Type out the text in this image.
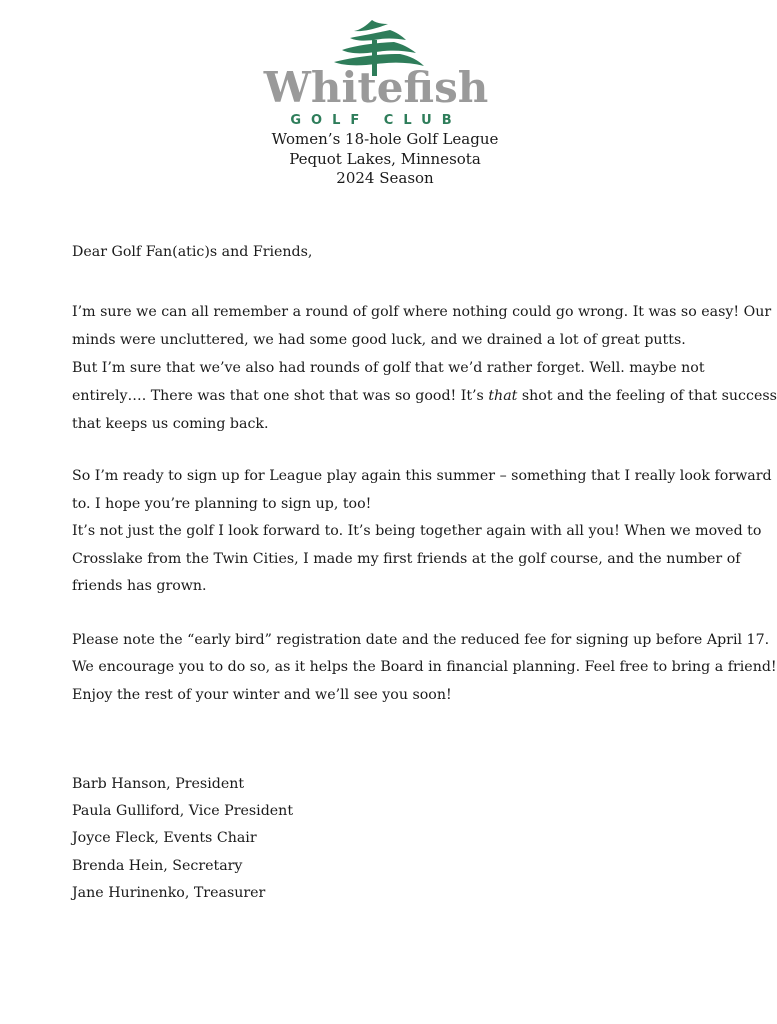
Whitefish
GOLF CLUB
Women’s 18-hole Golf League
Pequot Lakes, Minnesota
2024 Season
Dear Golf Fan(atic)s and Friends,
I’m sure we can all remember a round of golf where nothing could go wrong. It was so easy! Our
minds were uncluttered, we had some good luck, and we drained a lot of great putts.
But I’m sure that we’ve also had rounds of golf that we’d rather forget. Well. maybe not
entirely…. There was that one shot that was so good! It’s that shot and the feeling of that success
that keeps us coming back.
So I’m ready to sign up for League play again this summer – something that I really look forward
to. I hope you’re planning to sign up, too!
It’s not just the golf I look forward to. It’s being together again with all you! When we moved to
Crosslake from the Twin Cities, I made my first friends at the golf course, and the number of
friends has grown.
Please note the “early bird” registration date and the reduced fee for signing up before April 17.
We encourage you to do so, as it helps the Board in financial planning. Feel free to bring a friend!
Enjoy the rest of your winter and we’ll see you soon!
Barb Hanson, President
Paula Gulliford, Vice President
Joyce Fleck, Events Chair
Brenda Hein, Secretary
Jane Hurinenko, Treasurer
